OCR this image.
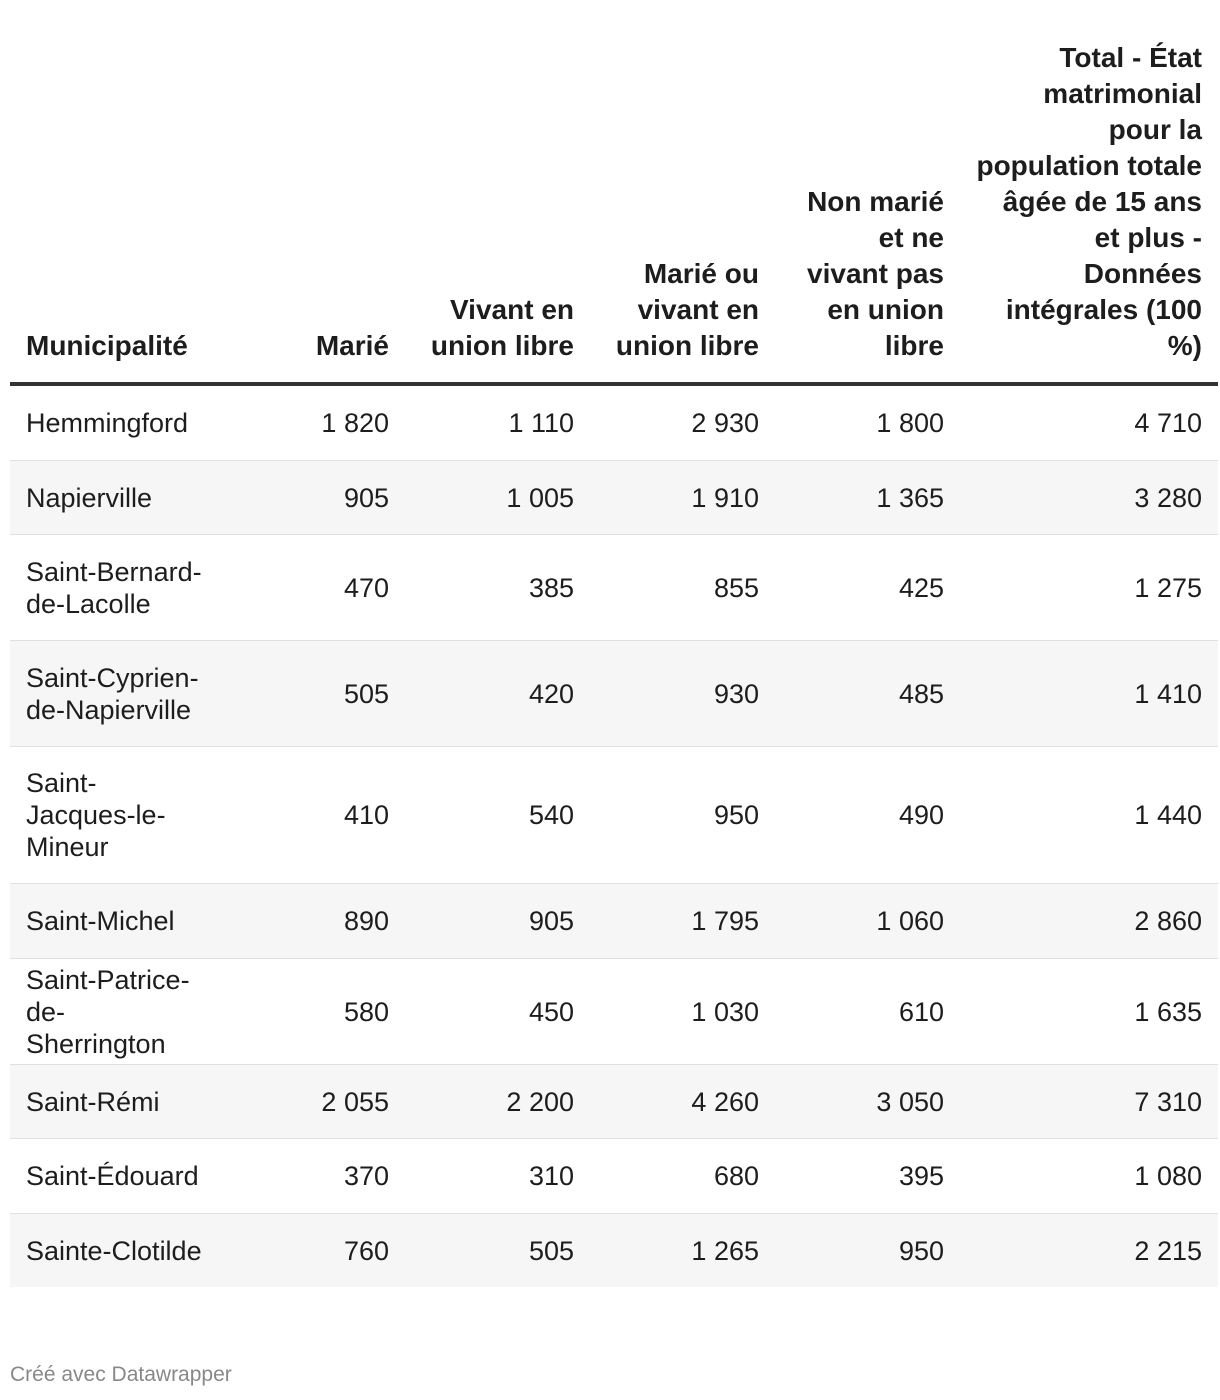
Municipalité	Marié	Vivant en union libre	Marié ou vivant en union libre	Non marié et ne vivant pas en union libre	Total - État matrimonial pour la population totale âgée de 15 ans et plus - Données intégrales (100 %)
Hemmingford	1 820	1 110	2 930	1 800	4 710
Napierville	905	1 005	1 910	1 365	3 280
Saint-Bernard-de-Lacolle	470	385	855	425	1 275
Saint-Cyprien-de-Napierville	505	420	930	485	1 410
Saint-Jacques-le-Mineur	410	540	950	490	1 440
Saint-Michel	890	905	1 795	1 060	2 860
Saint-Patrice-de-Sherrington	580	450	1 030	610	1 635
Saint-Rémi	2 055	2 200	4 260	3 050	7 310
Saint-Édouard	370	310	680	395	1 080
Sainte-Clotilde	760	505	1 265	950	2 215
Créé avec Datawrapper
